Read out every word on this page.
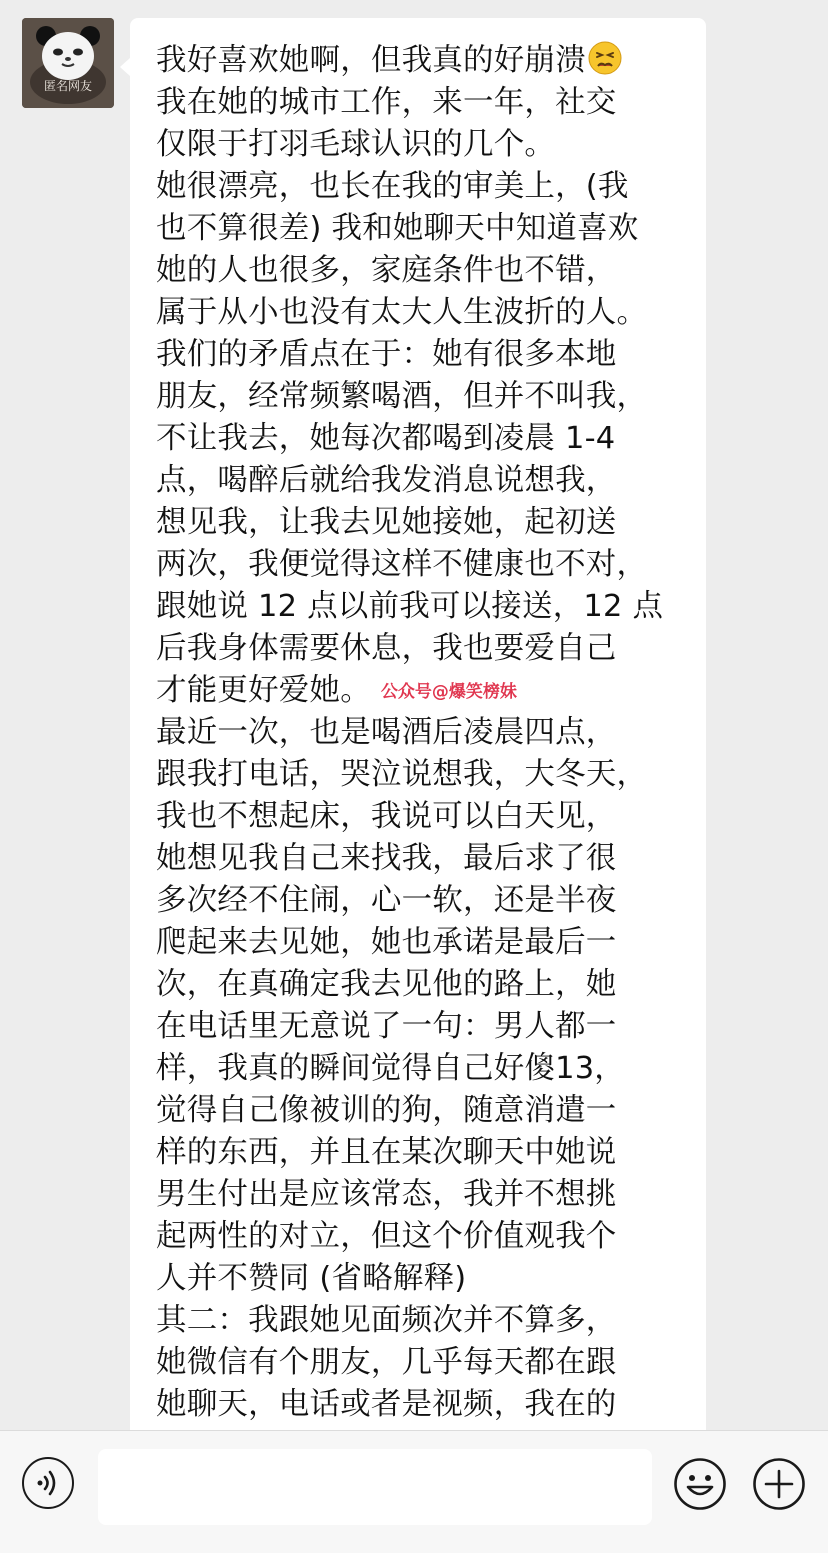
匿名网友
我好喜欢她啊，但我真的好崩溃
我在她的城市工作，来一年，社交
仅限于打羽毛球认识的几个。
她很漂亮，也长在我的审美上，(我
也不算很差) 我和她聊天中知道喜欢
她的人也很多，家庭条件也不错，
属于从小也没有太大人生波折的人。
我们的矛盾点在于：她有很多本地
朋友，经常频繁喝酒，但并不叫我，
不让我去，她每次都喝到凌晨 1-4
点，喝醉后就给我发消息说想我，
想见我，让我去见她接她，起初送
两次，我便觉得这样不健康也不对，
跟她说 12 点以前我可以接送，12 点
后我身体需要休息，我也要爱自己
才能更好爱她。 公众号@爆笑榜妹
最近一次，也是喝酒后凌晨四点，
跟我打电话，哭泣说想我，大冬天，
我也不想起床，我说可以白天见，
她想见我自己来找我，最后求了很
多次经不住闹，心一软，还是半夜
爬起来去见她，她也承诺是最后一
次，在真确定我去见他的路上，她
在电话里无意说了一句：男人都一
样，我真的瞬间觉得自己好傻13，
觉得自己像被训的狗，随意消遣一
样的东西，并且在某次聊天中她说
男生付出是应该常态，我并不想挑
起两性的对立，但这个价值观我个
人并不赞同 (省略解释)
其二：我跟她见面频次并不算多，
她微信有个朋友，几乎每天都在跟
她聊天，电话或者是视频，我在的
